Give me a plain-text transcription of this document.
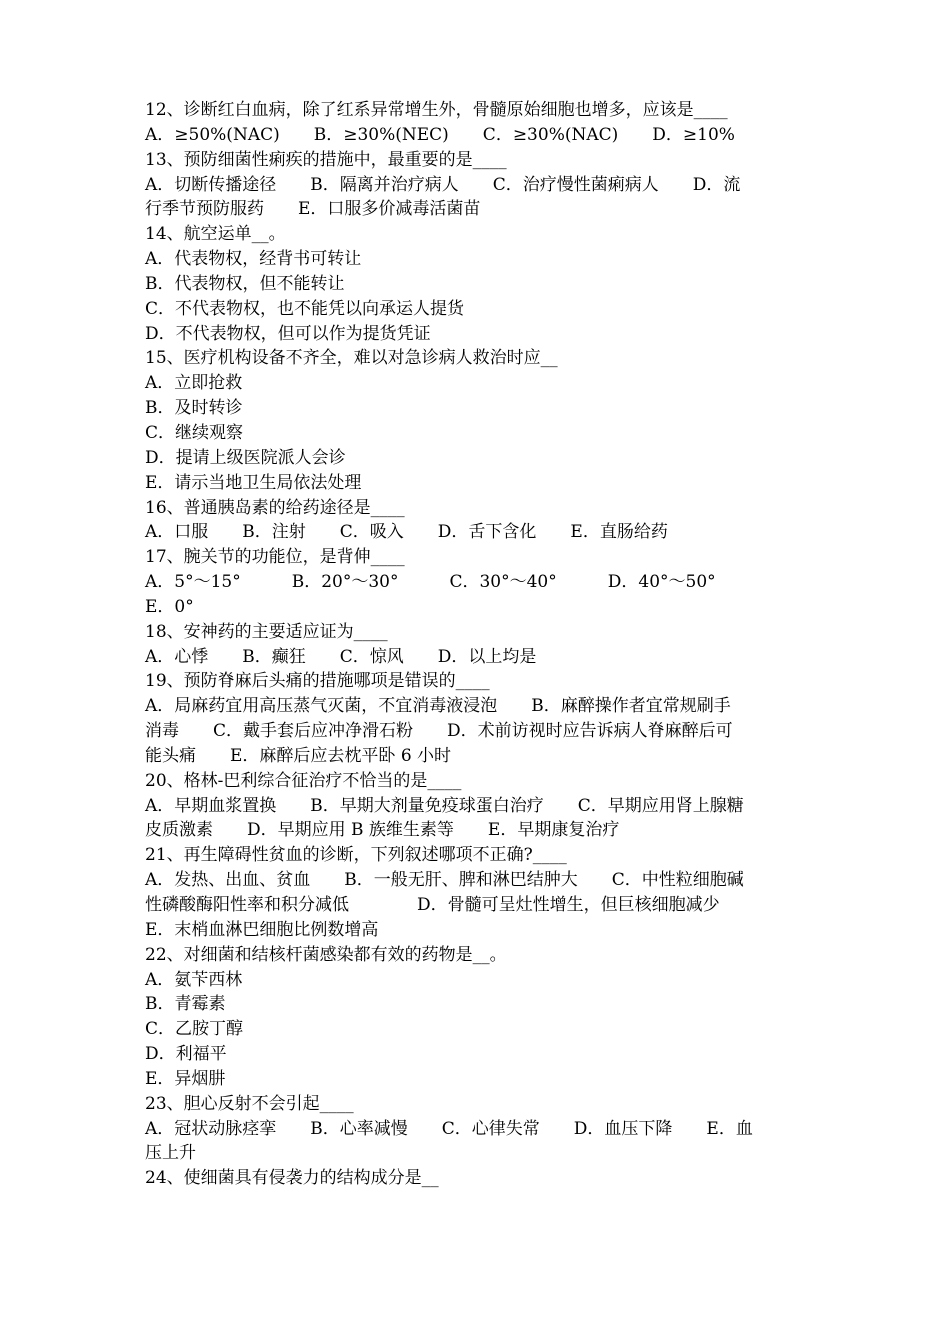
12、诊断红白血病，除了红系异常增生外，骨髓原始细胞也增多，应该是____
A．≥50%(NAC)　　B．≥30%(NEC)　　C．≥30%(NAC)　　D．≥10%
13、预防细菌性痢疾的措施中，最重要的是____
A．切断传播途径　　B．隔离并治疗病人　　C．治疗慢性菌痢病人　　D．流
行季节预防服药　　E．口服多价减毒活菌苗
14、航空运单__。
A．代表物权，经背书可转让
B．代表物权，但不能转让
C．不代表物权，也不能凭以向承运人提货
D．不代表物权，但可以作为提货凭证
15、医疗机构设备不齐全，难以对急诊病人救治时应__
A．立即抢救
B．及时转诊
C．继续观察
D．提请上级医院派人会诊
E．请示当地卫生局依法处理
16、普通胰岛素的给药途径是____
A．口服　　B．注射　　C．吸入　　D．舌下含化　　E．直肠给药
17、腕关节的功能位，是背伸____
A．5°～15°　　　B．20°～30°　　　C．30°～40°　　　D．40°～50°
E．0°
18、安神药的主要适应证为____
A．心悸　　B．癫狂　　C．惊风　　D．以上均是
19、预防脊麻后头痛的措施哪项是错误的____
A．局麻药宜用高压蒸气灭菌，不宜消毒液浸泡　　B．麻醉操作者宜常规刷手
消毒　　C．戴手套后应冲净滑石粉　　D．术前访视时应告诉病人脊麻醉后可
能头痛　　E．麻醉后应去枕平卧 6 小时
20、格林-巴利综合征治疗不恰当的是____
A．早期血浆置换　　B．早期大剂量免疫球蛋白治疗　　C．早期应用肾上腺糖
皮质激素　　D．早期应用 B 族维生素等　　E．早期康复治疗
21、再生障碍性贫血的诊断，下列叙述哪项不正确?____
A．发热、出血、贫血　　B．一般无肝、脾和淋巴结肿大　　C．中性粒细胞碱
性磷酸酶阳性率和积分减低　　　　D．骨髓可呈灶性增生，但巨核细胞减少
E．末梢血淋巴细胞比例数增高
22、对细菌和结核杆菌感染都有效的药物是__。
A．氨苄西林
B．青霉素
C．乙胺丁醇
D．利福平
E．异烟肼
23、胆心反射不会引起____
A．冠状动脉痉挛　　B．心率减慢　　C．心律失常　　D．血压下降　　E．血
压上升
24、使细菌具有侵袭力的结构成分是__
